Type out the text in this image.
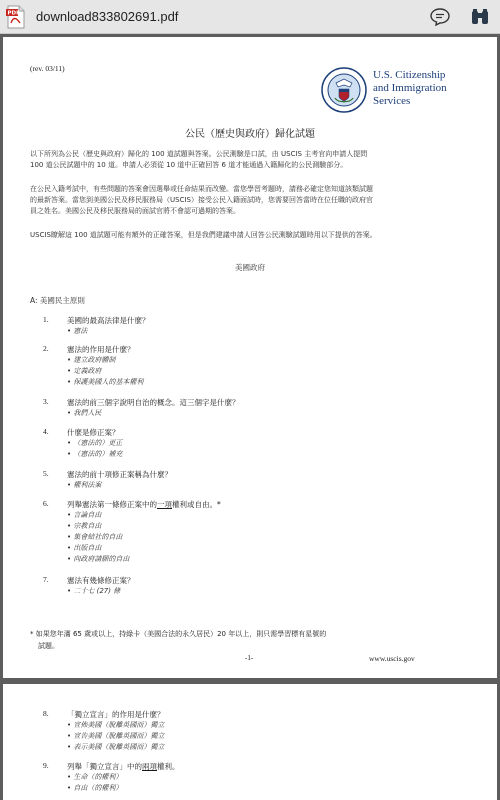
PDF download833802691.pdf
(rev. 03/11)
U.S. Citizenship
and Immigration
Services
公民（歷史與政府）歸化試題
以下所列為公民（歷史與政府）歸化的 100 道試題與答案。公民測驗是口試，由 USCIS 主考官向申請人提問
100 道公民試題中的 10 道。申請人必須從 10 道中正確回答 6 道才能通過入籍歸化的公民測驗部分。
在公民入籍考試中，有些問題的答案會因選舉或任命結果而改變。當您學習考題時，請務必確定您知道該類試題
的最新答案。當您到美國公民及移民服務局（USCIS）接受公民入籍面試時，您需要回答當時在位任職的政府官
員之姓名。美國公民及移民服務局的面試官將不會認可過期的答案。
USCIS瞭解這 100 道試題可能有額外的正確答案，但是我們建議申請人回答公民測驗試題時用以下提供的答案。
美國政府
A: 美國民主原則
1. 美國的最高法律是什麼？
• 憲法
2. 憲法的作用是什麼？
• 建立政府體制
• 定義政府
• 保護美國人的基本權利
3. 憲法的前三個字說明自治的概念。這三個字是什麼？
• 我們人民
4. 什麼是修正案？
• （憲法的）更正
• （憲法的）補充
5. 憲法的前十項修正案稱為什麼？
• 權利法案
6. 列舉憲法第一條修正案中的一項權利或自由。*
• 言論自由
• 宗教自由
• 集會結社的自由
• 出版自由
• 向政府請願的自由
7. 憲法有幾條修正案？
• 二十七 (27) 條
* 如果您年滿 65 歲或以上，持綠卡（美國合法的永久居民）20 年以上，則只需學習標有星號的
試題。
-1-	www.uscis.gov
8. 「獨立宣言」的作用是什麼？
• 宣佈美國（脫離英國而）獨立
• 宣告美國（脫離英國而）獨立
• 表示美國（脫離英國而）獨立
9. 列舉「獨立宣言」中的兩項權利。
• 生命（的權利）
• 自由（的權利）
